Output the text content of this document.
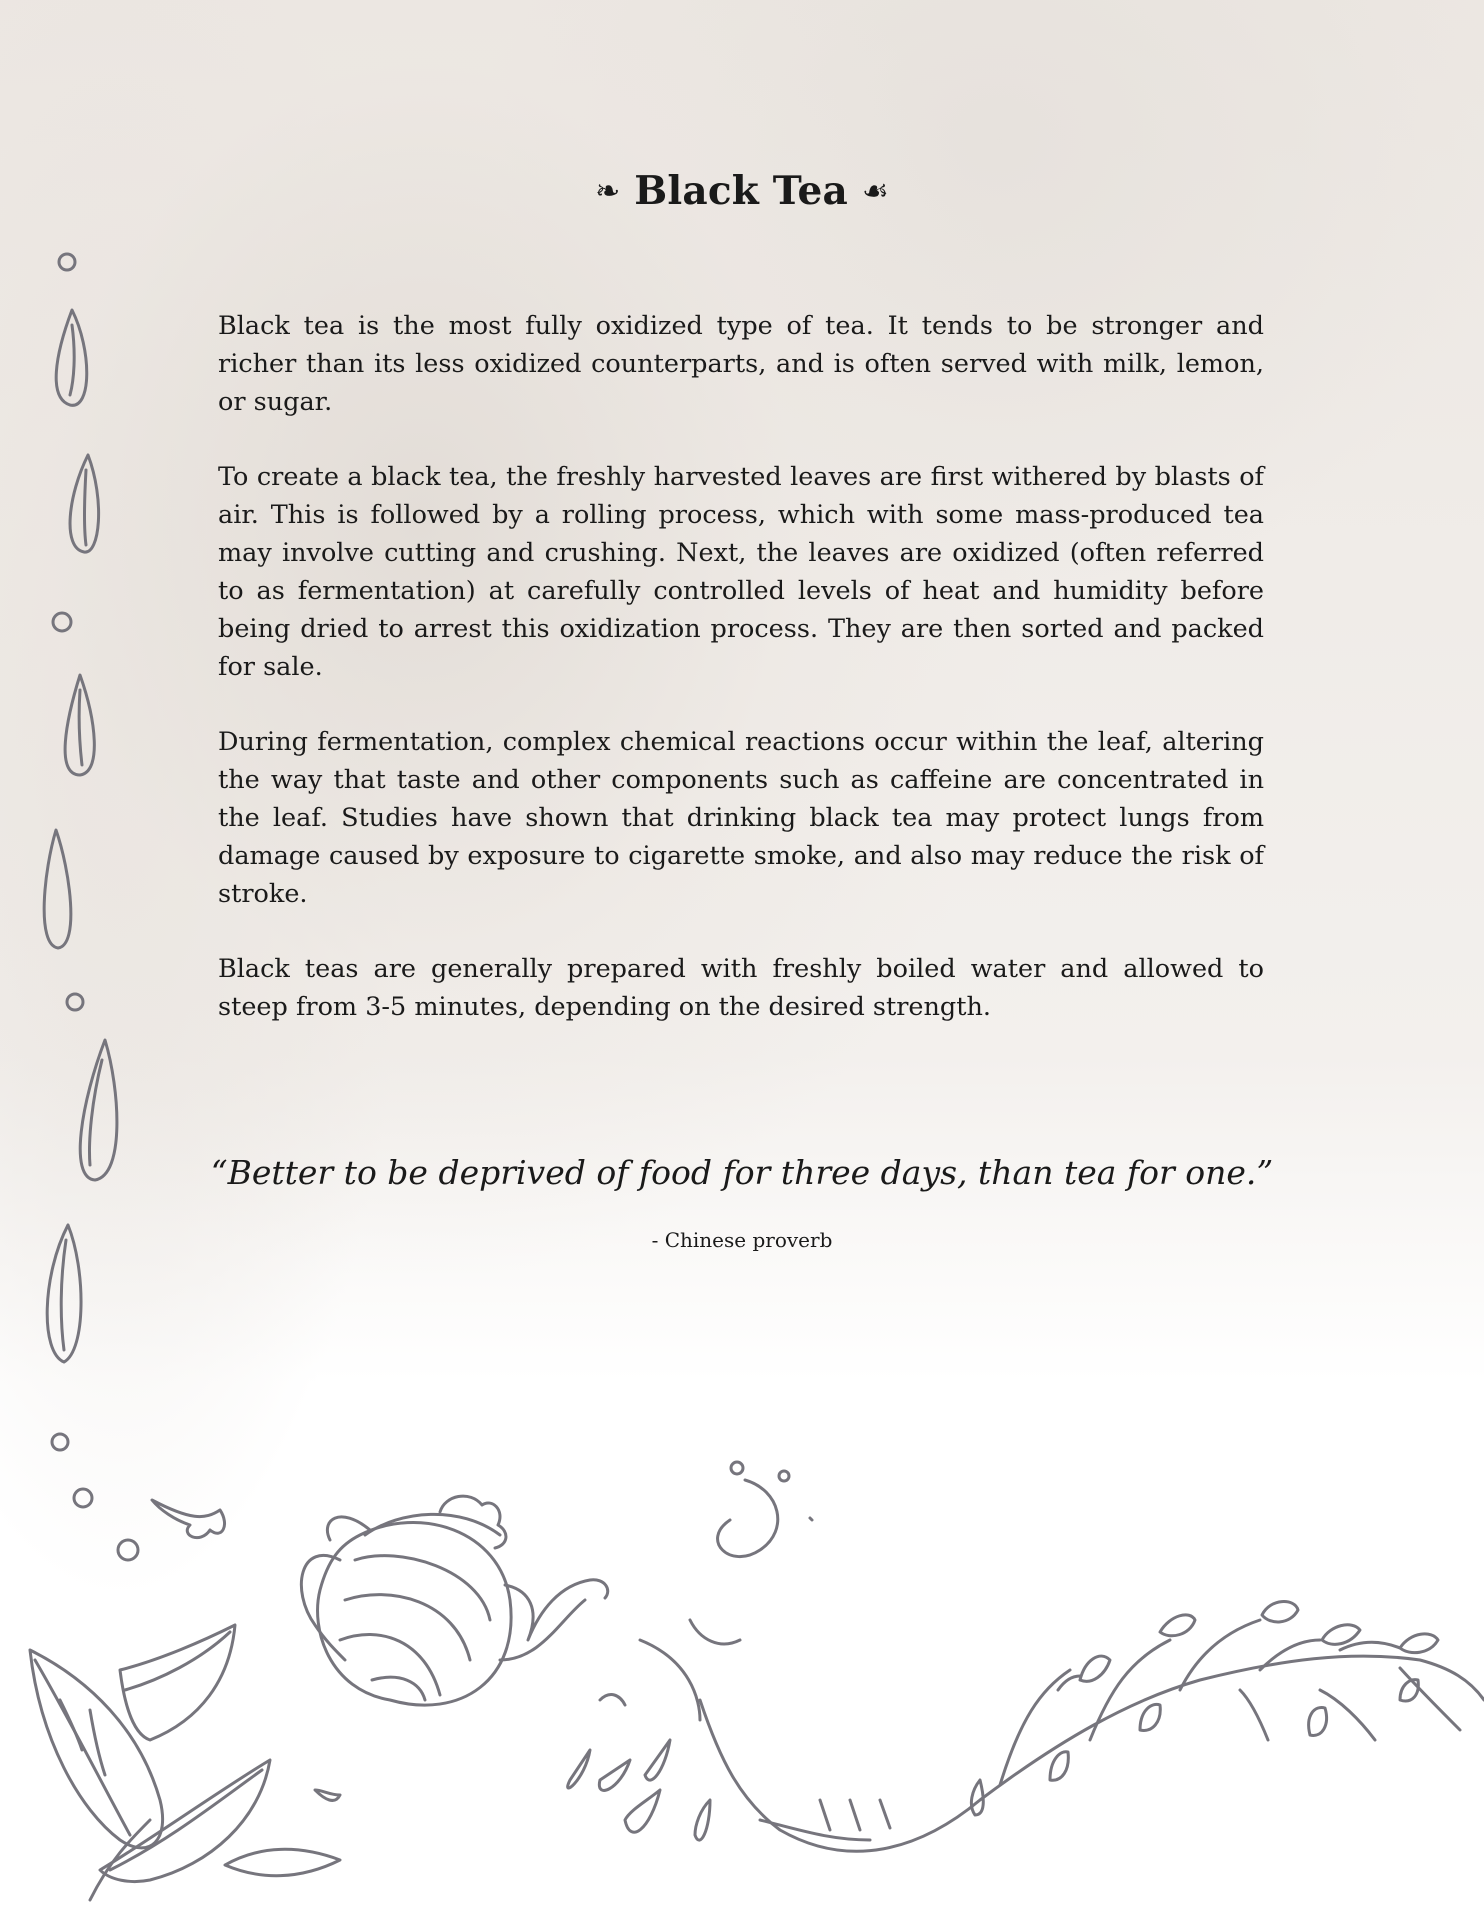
❧ Black Tea ☙

Black tea is the most fully oxidized type of tea. It tends to be stronger and richer than its less oxidized counterparts, and is often served with milk, lemon, or sugar.

To create a black tea, the freshly harvested leaves are first withered by blasts of air. This is followed by a rolling process, which with some mass-produced tea may involve cutting and crushing. Next, the leaves are oxidized (often referred to as fermentation) at carefully controlled levels of heat and humidity before being dried to arrest this oxidization process. They are then sorted and packed for sale.

During fermentation, complex chemical reactions occur within the leaf, altering the way that taste and other components such as caffeine are concentrated in the leaf. Studies have shown that drinking black tea may protect lungs from damage caused by exposure to cigarette smoke, and also may reduce the risk of stroke.

Black teas are generally prepared with freshly boiled water and allowed to steep from 3-5 minutes, depending on the desired strength.

“Better to be deprived of food for three days, than tea for one.”
- Chinese proverb
